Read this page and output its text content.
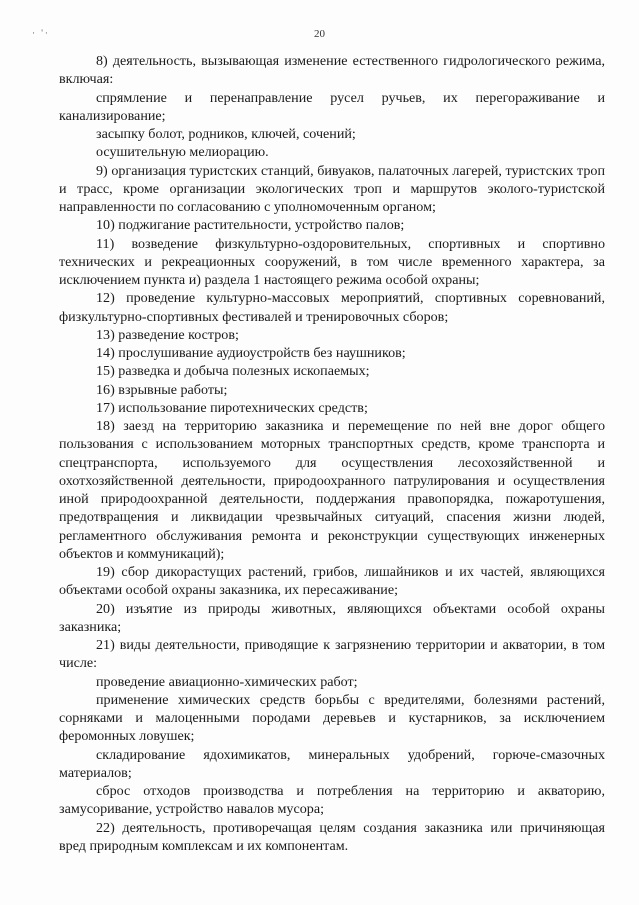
· '·	20

8) деятельность, вызывающая изменение естественного гидрологического режима, включая:

спрямление и перенаправление русел ручьев, их перегораживание и канализирование;

засыпку болот, родников, ключей, сочений;

осушительную мелиорацию.

9) организация туристских станций, бивуаков, палаточных лагерей, туристских троп и трасс, кроме организации экологических троп и маршрутов эколого-туристской направленности по согласованию с уполномоченным органом;

10) поджигание растительности, устройство палов;

11) возведение физкультурно-оздоровительных, спортивных и спортивно технических и рекреационных сооружений, в том числе временного характера, за исключением пункта и) раздела 1 настоящего режима особой охраны;

12) проведение культурно-массовых мероприятий, спортивных соревнований, физкультурно-спортивных фестивалей и тренировочных сборов;

13) разведение костров;

14) прослушивание аудиоустройств без наушников;

15) разведка и добыча полезных ископаемых;

16) взрывные работы;

17) использование пиротехнических средств;

18) заезд на территорию заказника и перемещение по ней вне дорог общего пользования с использованием моторных транспортных средств, кроме транспорта и спецтранспорта, используемого для осуществления лесохозяйственной и охотхозяйственной деятельности, природоохранного патрулирования и осуществления иной природоохранной деятельности, поддержания правопорядка, пожаротушения, предотвращения и ликвидации чрезвычайных ситуаций, спасения жизни людей, регламентного обслуживания ремонта и реконструкции существующих инженерных объектов и коммуникаций);

19) сбор дикорастущих растений, грибов, лишайников и их частей, являющихся объектами особой охраны заказника, их пересаживание;

20) изъятие из природы животных, являющихся объектами особой охраны заказника;

21) виды деятельности, приводящие к загрязнению территории и акватории, в том числе:

проведение авиационно-химических работ;

применение химических средств борьбы с вредителями, болезнями растений, сорняками и малоценными породами деревьев и кустарников, за исключением феромонных ловушек;

складирование ядохимикатов, минеральных удобрений, горюче-смазочных материалов;

сброс отходов производства и потребления на территорию и акваторию, замусоривание, устройство навалов мусора;

22) деятельность, противоречащая целям создания заказника или причиняющая вред природным комплексам и их компонентам.
